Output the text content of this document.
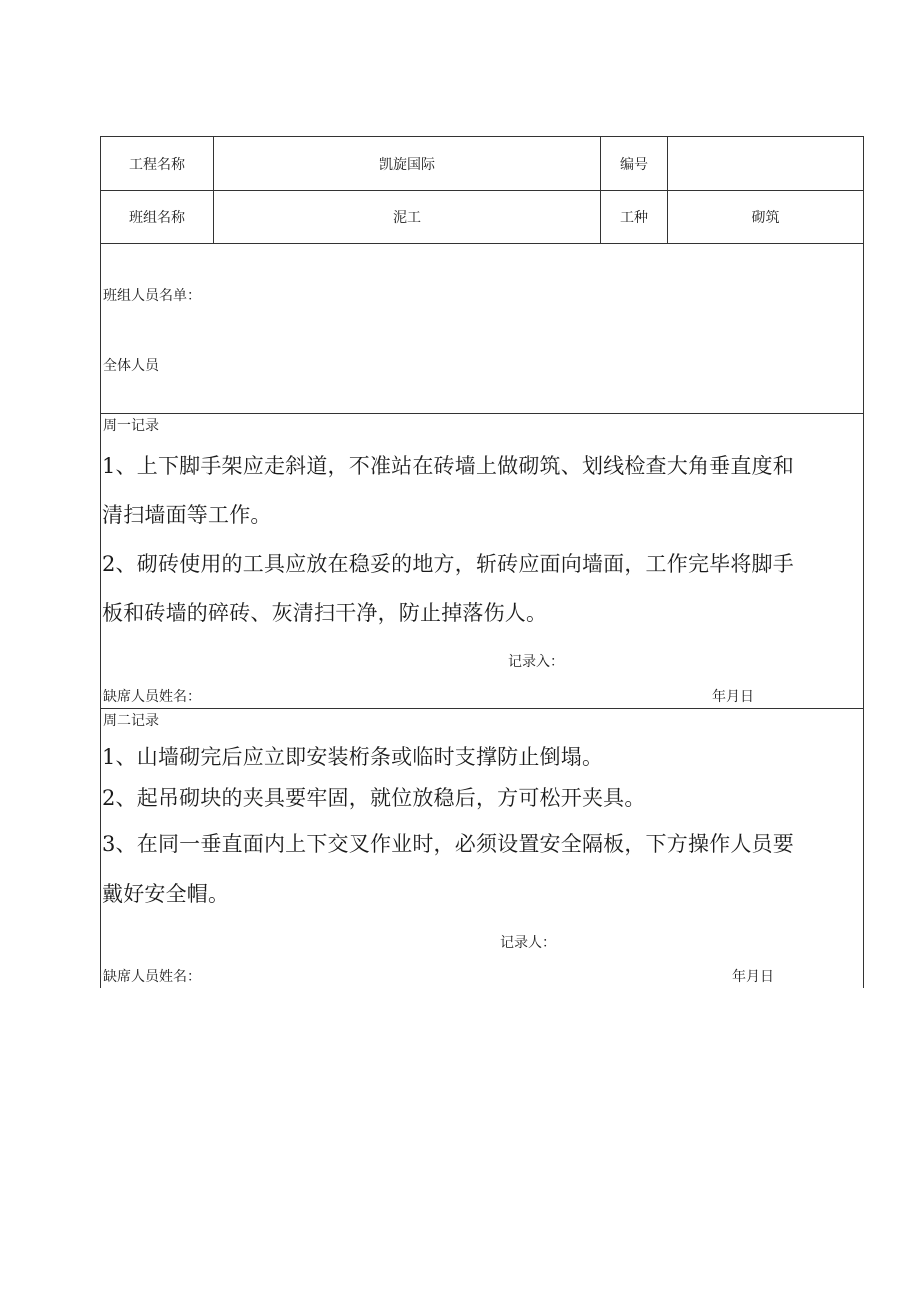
工程名称	凯旋国际	编号
班组名称	泥工	工种	砌筑
班组人员名单：
全体人员
周一记录
1、上下脚手架应走斜道，不准站在砖墙上做砌筑、划线检查大角垂直度和
清扫墙面等工作。
2、砌砖使用的工具应放在稳妥的地方，斩砖应面向墙面，工作完毕将脚手
板和砖墙的碎砖、灰清扫干净，防止掉落伤人。
记录入：
缺席人员姓名：	年月日
周二记录
1、山墙砌完后应立即安装桁条或临时支撑防止倒塌。
2、起吊砌块的夹具要牢固，就位放稳后，方可松开夹具。
3、在同一垂直面内上下交叉作业时，必须设置安全隔板，下方操作人员要
戴好安全帽。
记录人：
缺席人员姓名：	年月日
